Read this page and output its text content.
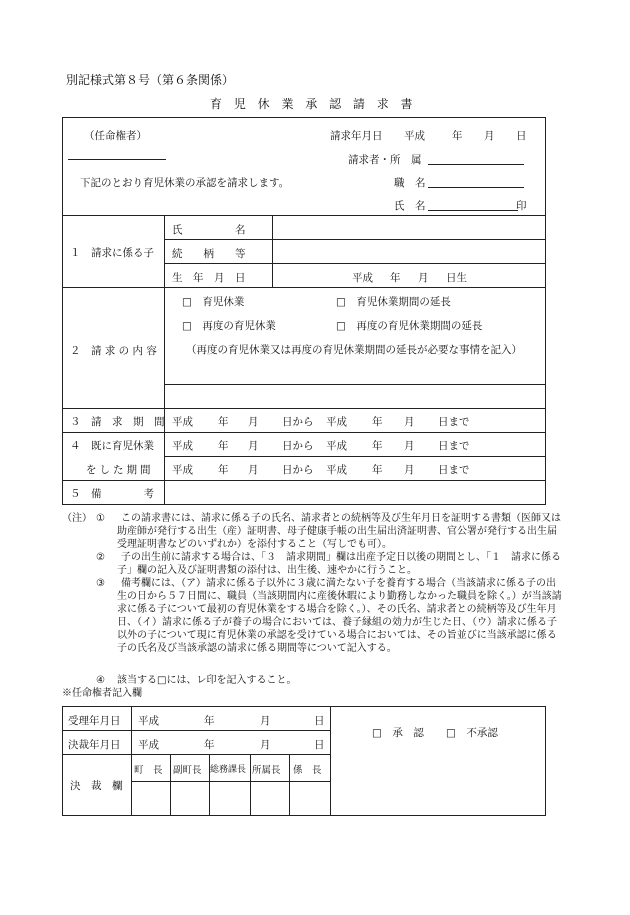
別記様式第８号（第６条関係）
育 児 休 業 承 認 請 求 書
（任命権者）	請求年月日 平成	年 月 日
請求者・所　属
下記のとおり育児休業の承認を請求します。	職　名
氏　名	印
１　請求に係る子
氏　　　　　名
続　　柄　　等
生　年　月　日	平成 年 月 日生
２　請 求 の 内 容
□　育児休業	□　育児休業期間の延長
□　再度の育児休業	□　再度の育児休業期間の延長
（再度の育児休業又は再度の育児休業期間の延長が必要な事情を記入）
３　請　求　期　間 平成 年 月 日から 平成 年 月 日まで
４　既に育児休業
をした期間
平成 年 月 日から 平成 年 月 日まで
平成 年 月 日から 平成 年 月 日まで
５　備　　　　考
（注） ①	この請求書には、請求に係る子の氏名、請求者との続柄等及び生年月日を証明する書類（医師又は助産師が発行する出生（産）証明書、母子健康手帳の出生届出済証明書、官公署が発行する出生届受理証明書などのいずれか）を添付すること（写しでも可）。
②	子の出生前に請求する場合は、「３　請求期間」欄は出産予定日以後の期間とし、「１　請求に係る子」欄の記入及び証明書類の添付は、出生後、速やかに行うこと。
③	備考欄には、（ア）請求に係る子以外に３歳に満たない子を養育する場合（当該請求に係る子の出生の日から５７日間に、職員（当該期間内に産後休暇により勤務しなかった職員を除く。）が当該請求に係る子について最初の育児休業をする場合を除く。）、その氏名、請求者との続柄等及び生年月日、（イ）請求に係る子が養子の場合においては、養子縁組の効力が生じた日、（ウ）請求に係る子以外の子について現に育児休業の承認を受けている場合においては、その旨並びに当該承認に係る子の氏名及び当該承認の請求に係る期間等について記入する。
④ 該当する□には、レ印を記入すること。
※任命権者記入欄
受理年月日 平成	年	月	日
決裁年月日 平成	年	月	日
□　承　認 □　不承認
決　裁　欄
町　長 副町長 総務課長 所属長 係　長
